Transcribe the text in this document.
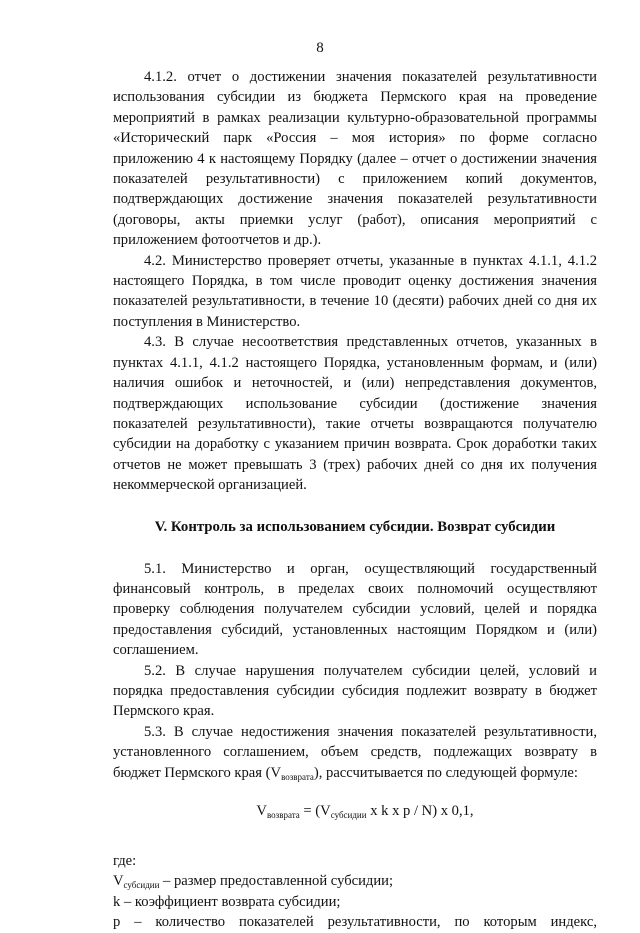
8

4.1.2. отчет о достижении значения показателей результативности использования субсидии из бюджета Пермского края на проведение мероприятий в рамках реализации культурно-образовательной программы «Исторический парк «Россия – моя история» по форме согласно приложению 4 к настоящему Порядку (далее – отчет о достижении значения показателей результативности) с приложением копий документов, подтверждающих достижение значения показателей результативности (договоры, акты приемки услуг (работ), описания мероприятий с приложением фотоотчетов и др.).

4.2. Министерство проверяет отчеты, указанные в пунктах 4.1.1, 4.1.2 настоящего Порядка, в том числе проводит оценку достижения значения показателей результативности, в течение 10 (десяти) рабочих дней со дня их поступления в Министерство.

4.3. В случае несоответствия представленных отчетов, указанных в пунктах 4.1.1, 4.1.2 настоящего Порядка, установленным формам, и (или) наличия ошибок и неточностей, и (или) непредставления документов, подтверждающих использование субсидии (достижение значения показателей результативности), такие отчеты возвращаются получателю субсидии на доработку с указанием причин возврата. Срок доработки таких отчетов не может превышать 3 (трех) рабочих дней со дня их получения некоммерческой организацией.

V. Контроль за использованием субсидии. Возврат субсидии

5.1. Министерство и орган, осуществляющий государственный финансовый контроль, в пределах своих полномочий осуществляют проверку соблюдения получателем субсидии условий, целей и порядка предоставления субсидий, установленных настоящим Порядком и (или) соглашением.

5.2. В случае нарушения получателем субсидии целей, условий и порядка предоставления субсидии субсидия подлежит возврату в бюджет Пермского края.

5.3. В случае недостижения значения показателей результативности, установленного соглашением, объем средств, подлежащих возврату в бюджет Пермского края $(V_{возврата})$, рассчитывается по следующей формуле:

$V_{возврата} = (V_{субсидии}$ x k x p / N) x 0,1,

где:

$V_{субсидии}$ – размер предоставленной субсидии;

k – коэффициент возврата субсидии;

p – количество показателей результативности, по которым индекс,
